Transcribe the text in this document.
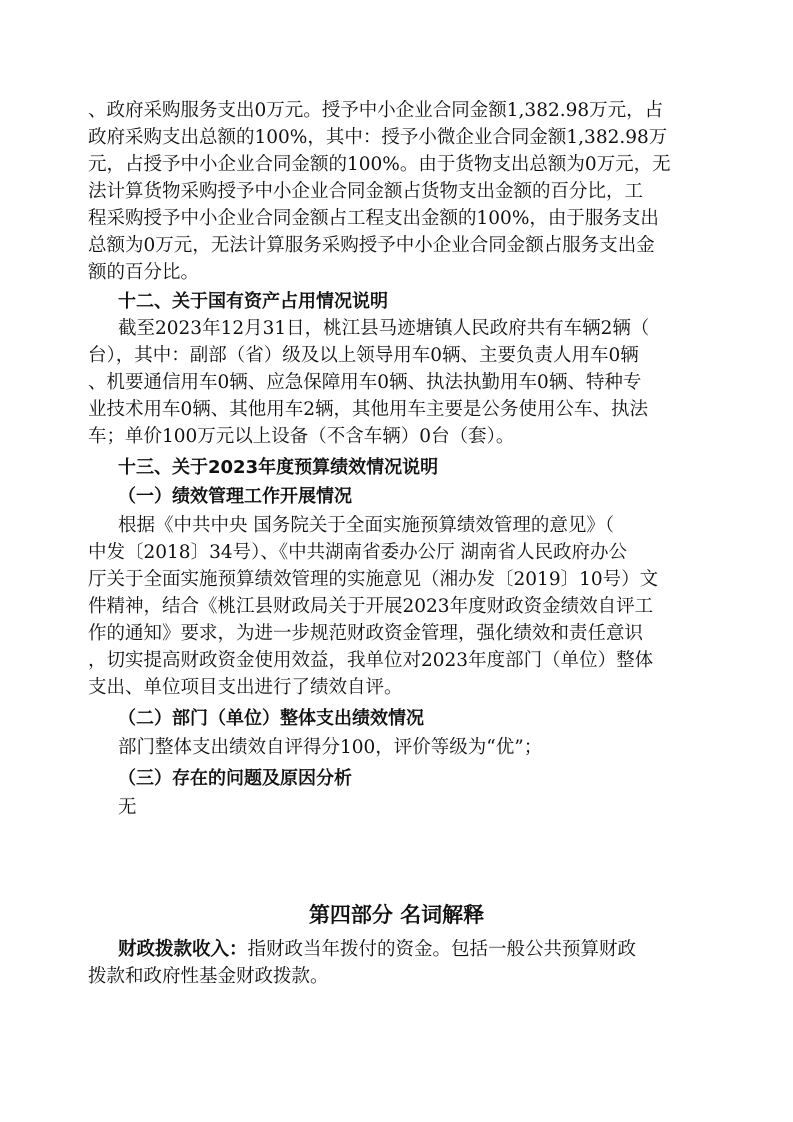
、政府采购服务支出0万元。授予中小企业合同金额1,382.98万元，占
政府采购支出总额的100%，其中：授予小微企业合同金额1,382.98万
元，占授予中小企业合同金额的100%。由于货物支出总额为0万元，无
法计算货物采购授予中小企业合同金额占货物支出金额的百分比，工
程采购授予中小企业合同金额占工程支出金额的100%，由于服务支出
总额为0万元，无法计算服务采购授予中小企业合同金额占服务支出金
额的百分比。
十二、关于国有资产占用情况说明
截至2023年12月31日，桃江县马迹塘镇人民政府共有车辆2辆（
台），其中：副部（省）级及以上领导用车0辆、主要负责人用车0辆
、机要通信用车0辆、应急保障用车0辆、执法执勤用车0辆、特种专
业技术用车0辆、其他用车2辆，其他用车主要是公务使用公车、执法
车；单价100万元以上设备（不含车辆）0台（套）。
十三、关于2023年度预算绩效情况说明
（一）绩效管理工作开展情况
根据《中共中央 国务院关于全面实施预算绩效管理的意见》（
中发〔2018〕34号）、《中共湖南省委办公厅 湖南省人民政府办公
厅关于全面实施预算绩效管理的实施意见（湘办发〔2019〕10号）文
件精神，结合《桃江县财政局关于开展2023年度财政资金绩效自评工
作的通知》要求，为进一步规范财政资金管理，强化绩效和责任意识
，切实提高财政资金使用效益，我单位对2023年度部门（单位）整体
支出、单位项目支出进行了绩效自评。
（二）部门（单位）整体支出绩效情况
部门整体支出绩效自评得分100，评价等级为“优”；
（三）存在的问题及原因分析
无
第四部分 名词解释
财政拨款收入：指财政当年拨付的资金。包括一般公共预算财政
拨款和政府性基金财政拨款。
